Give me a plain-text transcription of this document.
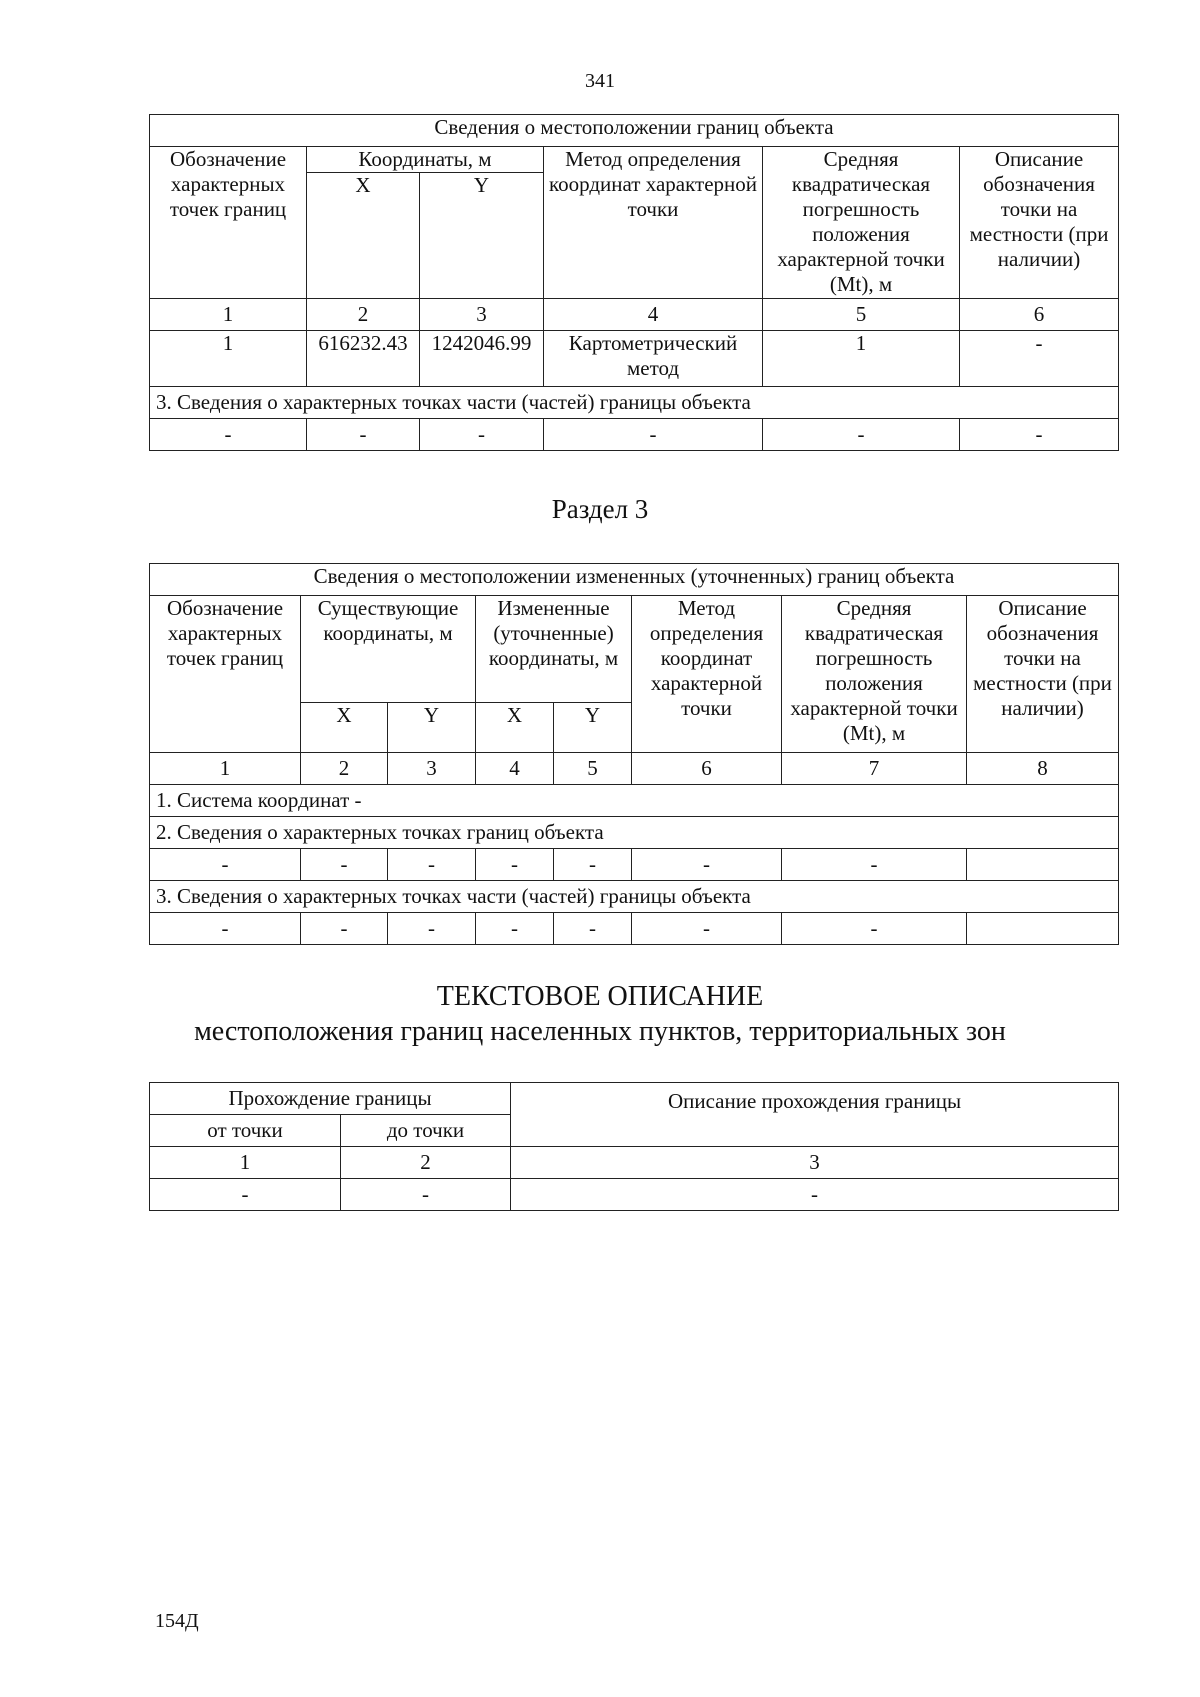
341
Сведения о местоположении границ объекта					
Обозначение характерных точек границ	Координаты, м		Метод определения координат характерной точки	Средняя квадратическая погрешность положения характерной точки (Mt), м	Описание обозначения точки на местности (при наличии)
	X	Y			
1	2	3	4	5	6
1	616232.43	1242046.99	Картометрический метод	1	-
3. Сведения о характерных точках части (частей) границы объекта					
-	-	-	-	-	-
Раздел 3
Сведения о местоположении измененных (уточненных) границ объекта							
Обозначение характерных точек границ	Существующие координаты, м		Измененные (уточненные) координаты, м		Метод определения координат характерной точки	Средняя квадратическая погрешность положения характерной точки (Mt), м	Описание обозначения точки на местности (при наличии)
	X	Y	X	Y			
1	2	3	4	5	6	7	8
1. Система координат -							
2. Сведения о характерных точках границ объекта							
-	-	-	-	-	-	-	
3. Сведения о характерных точках части (частей) границы объекта							
-	-	-	-	-	-	-	
ТЕКСТОВОЕ ОПИСАНИЕ
местоположения границ населенных пунктов, территориальных зон
Прохождение границы		Описание прохождения границы
от точки	до точки	
1	2	3
-	-	-
154Д
